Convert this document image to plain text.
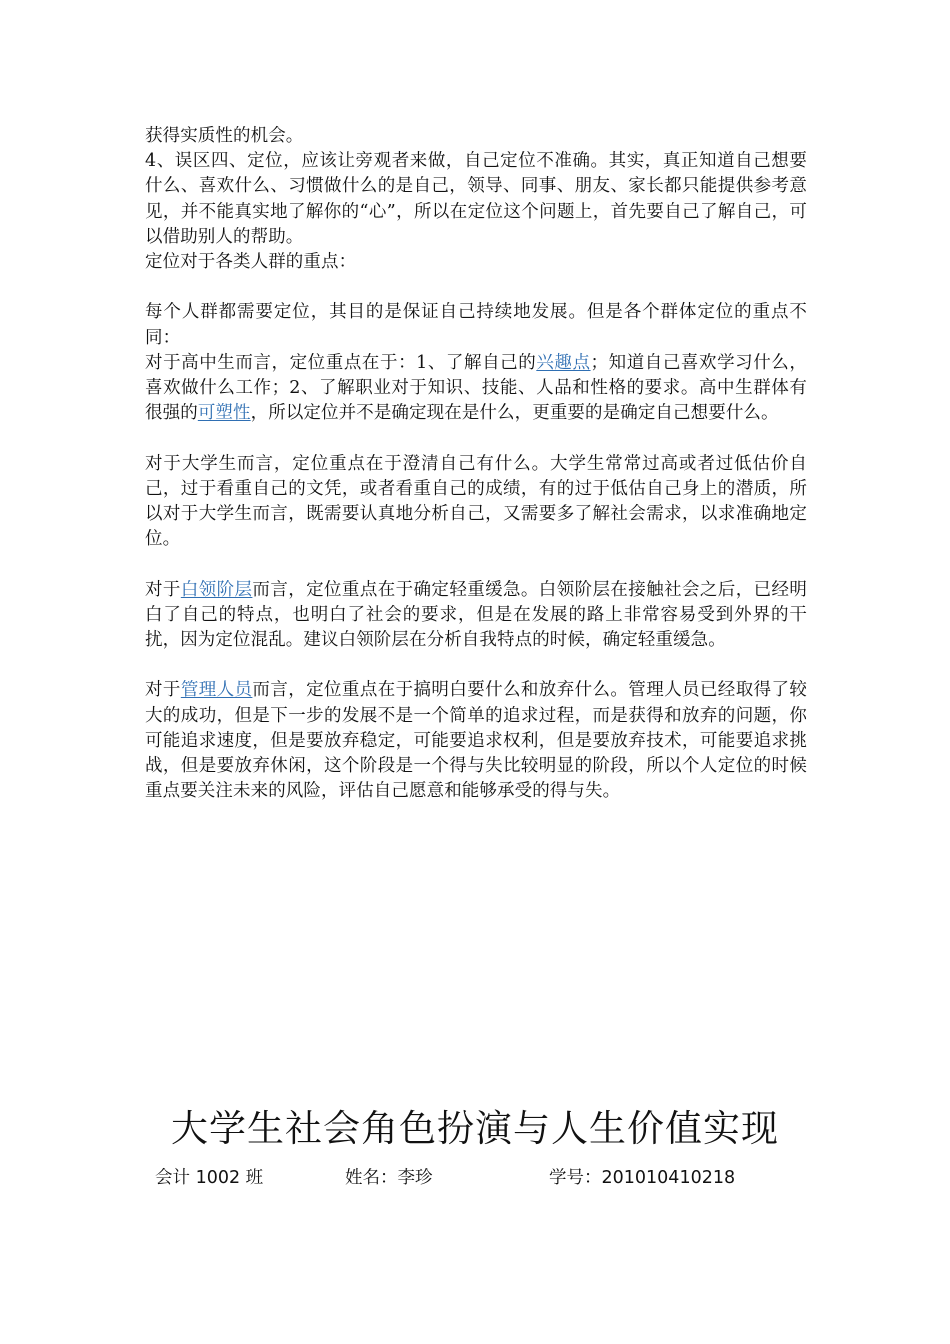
获得实质性的机会。

4、误区四、定位，应该让旁观者来做，自己定位不准确。其实，真正知道自己想要什么、喜欢什么、习惯做什么的是自己，领导、同事、朋友、家长都只能提供参考意见，并不能真实地了解你的“心”，所以在定位这个问题上，首先要自己了解自己，可以借助别人的帮助。

定位对于各类人群的重点：

每个人群都需要定位，其目的是保证自己持续地发展。但是各个群体定位的重点不同：

对于高中生而言，定位重点在于：1、了解自己的兴趣点；知道自己喜欢学习什么，喜欢做什么工作；2、了解职业对于知识、技能、人品和性格的要求。高中生群体有很强的可塑性，所以定位并不是确定现在是什么，更重要的是确定自己想要什么。

对于大学生而言，定位重点在于澄清自己有什么。大学生常常过高或者过低估价自己，过于看重自己的文凭，或者看重自己的成绩，有的过于低估自己身上的潜质，所以对于大学生而言，既需要认真地分析自己，又需要多了解社会需求，以求准确地定位。

对于白领阶层而言，定位重点在于确定轻重缓急。白领阶层在接触社会之后，已经明白了自己的特点，也明白了社会的要求，但是在发展的路上非常容易受到外界的干扰，因为定位混乱。建议白领阶层在分析自我特点的时候，确定轻重缓急。

对于管理人员而言，定位重点在于搞明白要什么和放弃什么。管理人员已经取得了较大的成功，但是下一步的发展不是一个简单的追求过程，而是获得和放弃的问题，你可能追求速度，但是要放弃稳定，可能要追求权利，但是要放弃技术，可能要追求挑战，但是要放弃休闲，这个阶段是一个得与失比较明显的阶段，所以个人定位的时候重点要关注未来的风险，评估自己愿意和能够承受的得与失。

大学生社会角色扮演与人生价值实现
会计 1002 班	姓名：李珍	学号：201010410218
